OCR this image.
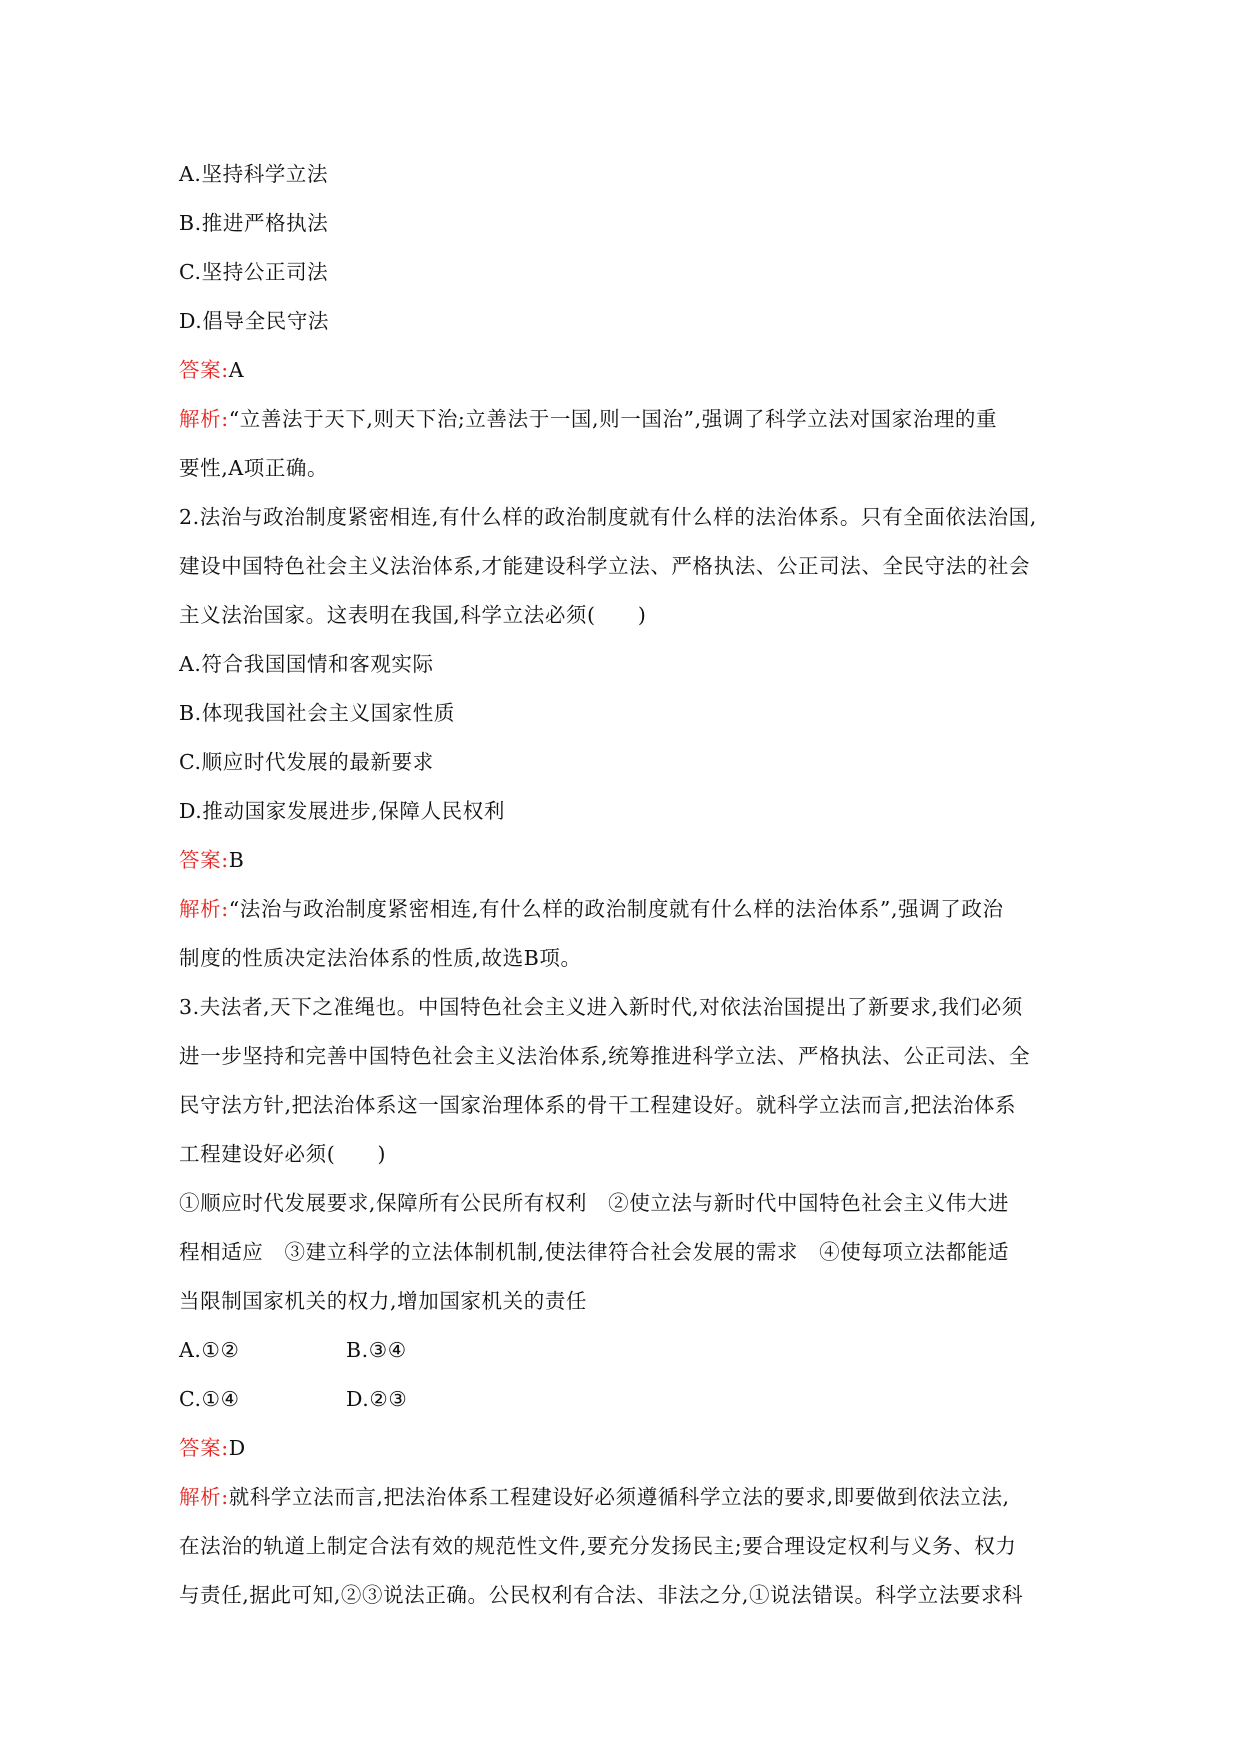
A.坚持科学立法
B.推进严格执法
C.坚持公正司法
D.倡导全民守法
答案:A
解析:“立善法于天下,则天下治;立善法于一国,则一国治”,强调了科学立法对国家治理的重
要性,A项正确。
2.法治与政治制度紧密相连,有什么样的政治制度就有什么样的法治体系。只有全面依法治国,
建设中国特色社会主义法治体系,才能建设科学立法、严格执法、公正司法、全民守法的社会
主义法治国家。这表明在我国,科学立法必须(　　)
A.符合我国国情和客观实际
B.体现我国社会主义国家性质
C.顺应时代发展的最新要求
D.推动国家发展进步,保障人民权利
答案:B
解析:“法治与政治制度紧密相连,有什么样的政治制度就有什么样的法治体系”,强调了政治
制度的性质决定法治体系的性质,故选B项。
3.夫法者,天下之准绳也。中国特色社会主义进入新时代,对依法治国提出了新要求,我们必须
进一步坚持和完善中国特色社会主义法治体系,统筹推进科学立法、严格执法、公正司法、全
民守法方针,把法治体系这一国家治理体系的骨干工程建设好。就科学立法而言,把法治体系
工程建设好必须(　　)
①顺应时代发展要求,保障所有公民所有权利　②使立法与新时代中国特色社会主义伟大进
程相适应　③建立科学的立法体制机制,使法律符合社会发展的需求　④使每项立法都能适
当限制国家机关的权力,增加国家机关的责任
A.①②	B.③④
C.①④	D.②③
答案:D
解析:就科学立法而言,把法治体系工程建设好必须遵循科学立法的要求,即要做到依法立法,
在法治的轨道上制定合法有效的规范性文件,要充分发扬民主;要合理设定权利与义务、权力
与责任,据此可知,②③说法正确。公民权利有合法、非法之分,①说法错误。科学立法要求科
